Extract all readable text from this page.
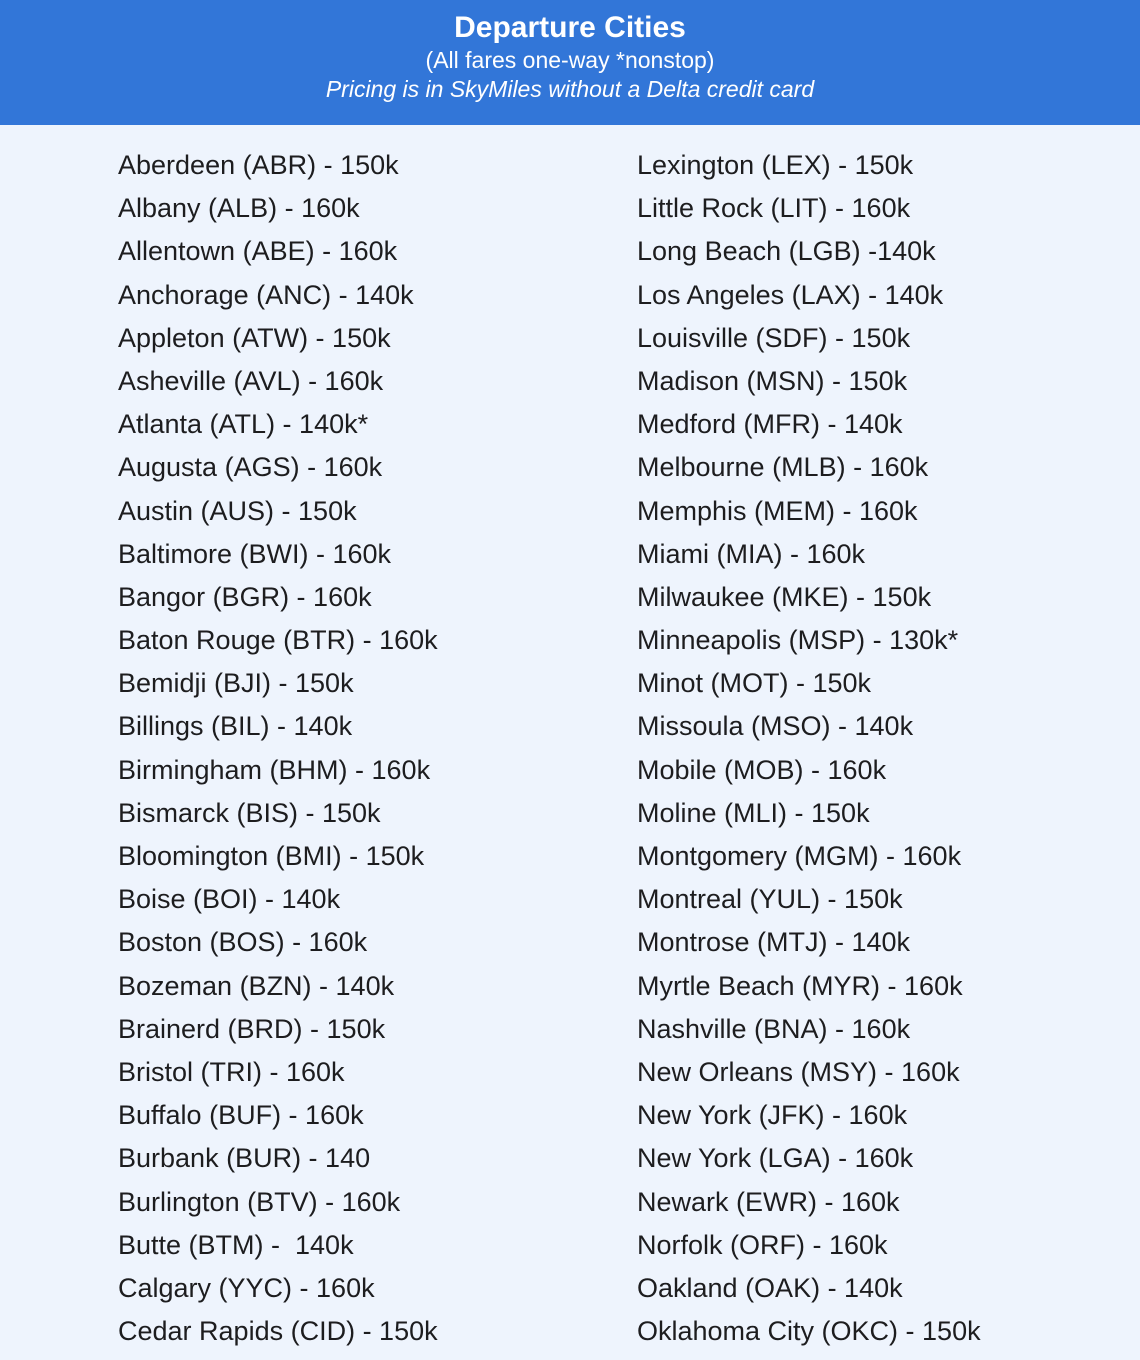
Departure Cities
(All fares one-way *nonstop)
Pricing is in SkyMiles without a Delta credit card
Aberdeen (ABR) - 150k
Albany (ALB) - 160k
Allentown (ABE) - 160k
Anchorage (ANC) - 140k
Appleton (ATW) - 150k
Asheville (AVL) - 160k
Atlanta (ATL) - 140k*
Augusta (AGS) - 160k
Austin (AUS) - 150k
Baltimore (BWI) - 160k
Bangor (BGR) - 160k
Baton Rouge (BTR) - 160k
Bemidji (BJI) - 150k
Billings (BIL) - 140k
Birmingham (BHM) - 160k
Bismarck (BIS) - 150k
Bloomington (BMI) - 150k
Boise (BOI) - 140k
Boston (BOS) - 160k
Bozeman (BZN) - 140k
Brainerd (BRD) - 150k
Bristol (TRI) - 160k
Buffalo (BUF) - 160k
Burbank (BUR) - 140
Burlington (BTV) - 160k
Butte (BTM) -  140k
Calgary (YYC) - 160k
Cedar Rapids (CID) - 150k
Lexington (LEX) - 150k
Little Rock (LIT) - 160k
Long Beach (LGB) -140k
Los Angeles (LAX) - 140k
Louisville (SDF) - 150k
Madison (MSN) - 150k
Medford (MFR) - 140k
Melbourne (MLB) - 160k
Memphis (MEM) - 160k
Miami (MIA) - 160k
Milwaukee (MKE) - 150k
Minneapolis (MSP) - 130k*
Minot (MOT) - 150k
Missoula (MSO) - 140k
Mobile (MOB) - 160k
Moline (MLI) - 150k
Montgomery (MGM) - 160k
Montreal (YUL) - 150k
Montrose (MTJ) - 140k
Myrtle Beach (MYR) - 160k
Nashville (BNA) - 160k
New Orleans (MSY) - 160k
New York (JFK) - 160k
New York (LGA) - 160k
Newark (EWR) - 160k
Norfolk (ORF) - 160k
Oakland (OAK) - 140k
Oklahoma City (OKC) - 150k
